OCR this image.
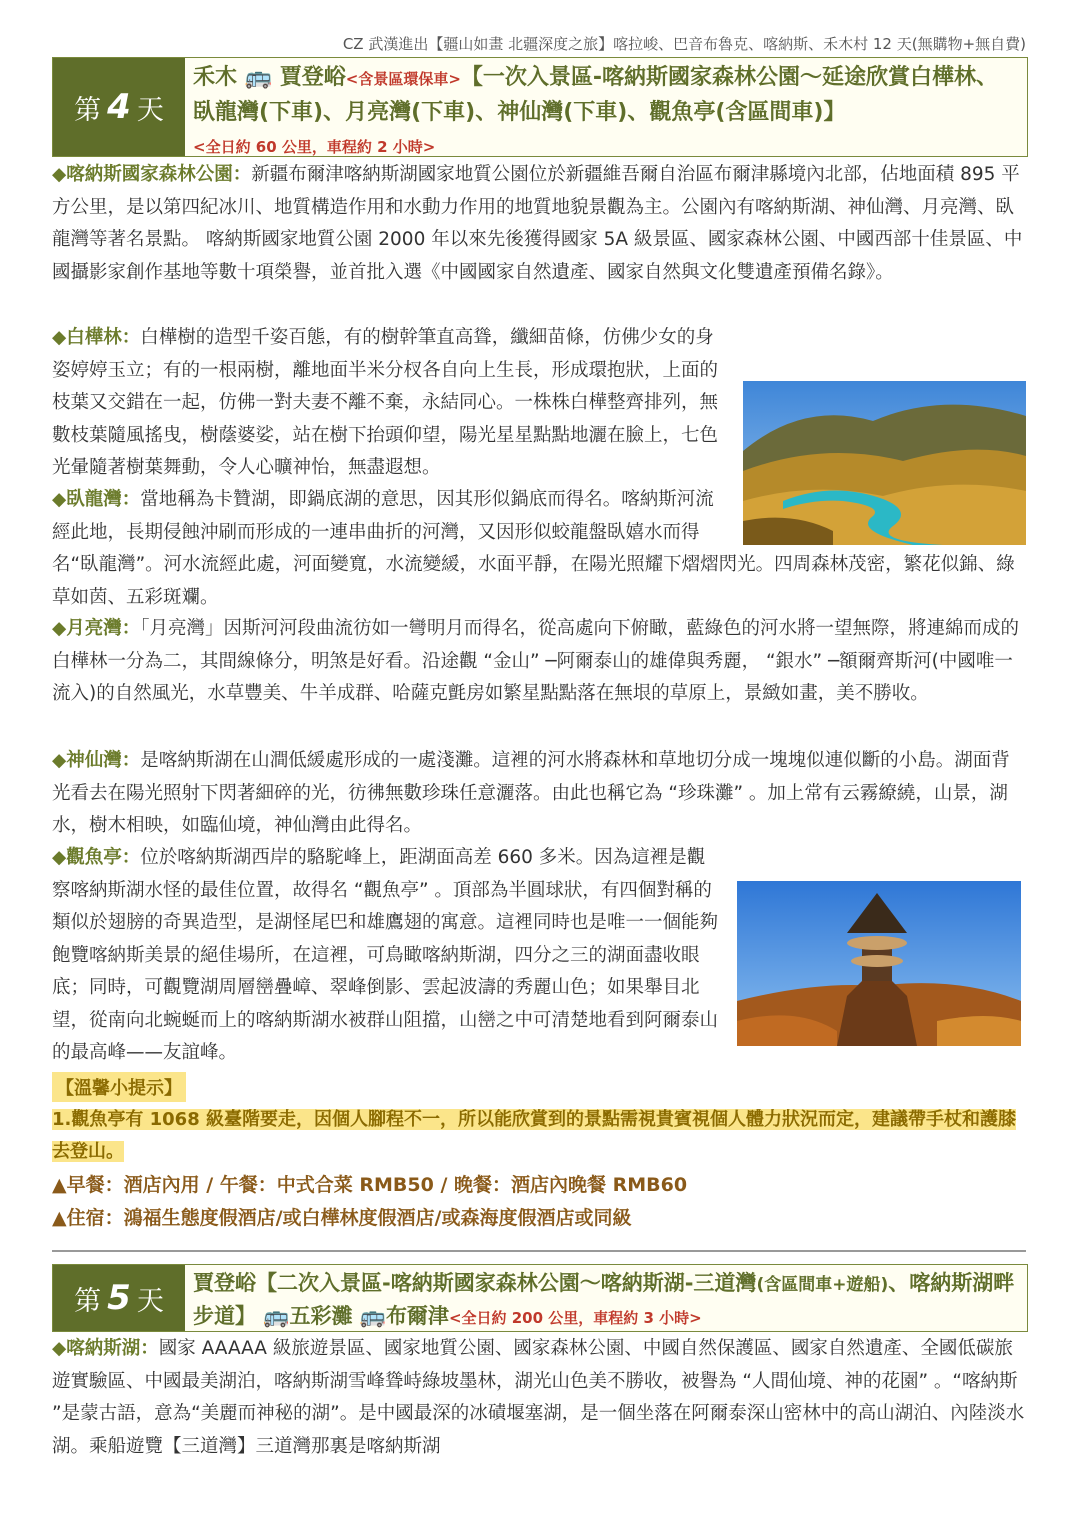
CZ 武漢進出【疆山如畫 北疆深度之旅】喀拉峻、巴音布魯克、喀納斯、禾木村 12 天(無購物+無自費)
第 4 天
禾木 🚌 賈登峪<含景區環保車>【一次入景區-喀納斯國家森林公園～延途欣賞白樺林、臥龍灣(下車)、月亮灣(下車)、神仙灣(下車)、觀魚亭(含區間車)】
<全日約 60 公里，車程約 2 小時>
◆喀納斯國家森林公園：新疆布爾津喀納斯湖國家地質公園位於新疆維吾爾自治區布爾津縣境內北部，佔地面積 895 平方公里，是以第四紀冰川、地質構造作用和水動力作用的地質地貌景觀為主。公園內有喀納斯湖、神仙灣、月亮灣、臥龍灣等著名景點。 喀納斯國家地質公園 2000 年以來先後獲得國家 5A 級景區、國家森林公園、中國西部十佳景區、中國攝影家創作基地等數十項榮譽，並首批入選《中國國家自然遺產、國家自然與文化雙遺產預備名錄》。
◆白樺林：白樺樹的造型千姿百態，有的樹幹筆直高聳，纖細苗條，仿佛少女的身姿婷婷玉立；有的一根兩樹，離地面半米分杈各自向上生長，形成環抱狀，上面的枝葉又交錯在一起，仿佛一對夫妻不離不棄，永結同心。一株株白樺整齊排列，無數枝葉隨風搖曳，樹蔭婆娑，站在樹下抬頭仰望，陽光星星點點地灑在臉上，七色光暈隨著樹葉舞動，令人心曠神怡，無盡遐想。
◆臥龍灣：當地稱為卡贊湖，即鍋底湖的意思，因其形似鍋底而得名。喀納斯河流經此地，長期侵蝕沖刷而形成的一連串曲折的河灣，又因形似蛟龍盤臥嬉水而得名“臥龍灣”。河水流經此處，河面變寬，水流變緩，水面平靜，在陽光照耀下熠熠閃光。四周森林茂密，繁花似錦、綠草如茵、五彩斑斕。
◆月亮灣：「月亮灣」因斯河河段曲流彷如一彎明月而得名，從高處向下俯瞰，藍綠色的河水將一望無際，將連綿而成的白樺林一分為二，其間線條分，明煞是好看。沿途觀 “金山” ─阿爾泰山的雄偉與秀麗， “銀水” ─額爾齊斯河(中國唯一流入)的自然風光，水草豐美、牛羊成群、哈薩克氈房如繁星點點落在無垠的草原上，景緻如畫，美不勝收。
◆神仙灣：是喀納斯湖在山澗低緩處形成的一處淺灘。這裡的河水將森林和草地切分成一塊塊似連似斷的小島。湖面背光看去在陽光照射下閃著細碎的光，彷彿無數珍珠任意灑落。由此也稱它為 “珍珠灘” 。加上常有云霧繚繞，山景，湖水，樹木相映，如臨仙境，神仙灣由此得名。
◆觀魚亭：位於喀納斯湖西岸的駱駝峰上，距湖面高差 660 多米。因為這裡是觀察喀納斯湖水怪的最佳位置，故得名 “觀魚亭” 。頂部為半圓球狀，有四個對稱的類似於翅膀的奇異造型，是湖怪尾巴和雄鷹翅的寓意。這裡同時也是唯一一個能夠飽覽喀納斯美景的絕佳場所，在這裡，可鳥瞰喀納斯湖，四分之三的湖面盡收眼底；同時，可觀覽湖周層巒疊嶂、翠峰倒影、雲起波濤的秀麗山色；如果舉目北望，從南向北蜿蜒而上的喀納斯湖水被群山阻擋，山巒之中可清楚地看到阿爾泰山的最高峰——友誼峰。
【溫馨小提示】
1.觀魚亭有 1068 級臺階要走，因個人腳程不一，所以能欣賞到的景點需視貴賓視個人體力狀況而定，建議帶手杖和護膝去登山。
▲早餐：酒店內用 / 午餐：中式合菜 RMB50 / 晚餐：酒店內晚餐 RMB60
▲住宿：鴻福生態度假酒店/或白樺林度假酒店/或森海度假酒店或同級
第 5 天
賈登峪【二次入景區-喀納斯國家森林公園～喀納斯湖-三道灣(含區間車+遊船)、喀納斯湖畔步道】 🚌五彩灘 🚌布爾津<全日約 200 公里，車程約 3 小時>
◆喀納斯湖：國家 AAAAA 級旅遊景區、國家地質公園、國家森林公園、中國自然保護區、國家自然遺產、全國低碳旅遊實驗區、中國最美湖泊，喀納斯湖雪峰聳峙綠坡墨林，湖光山色美不勝收，被譽為 “人間仙境、神的花園” 。“喀納斯 ”是蒙古語，意為“美麗而神秘的湖”。是中國最深的冰磧堰塞湖，是一個坐落在阿爾泰深山密林中的高山湖泊、內陸淡水湖。乘船遊覽【三道灣】三道灣那裏是喀納斯湖
